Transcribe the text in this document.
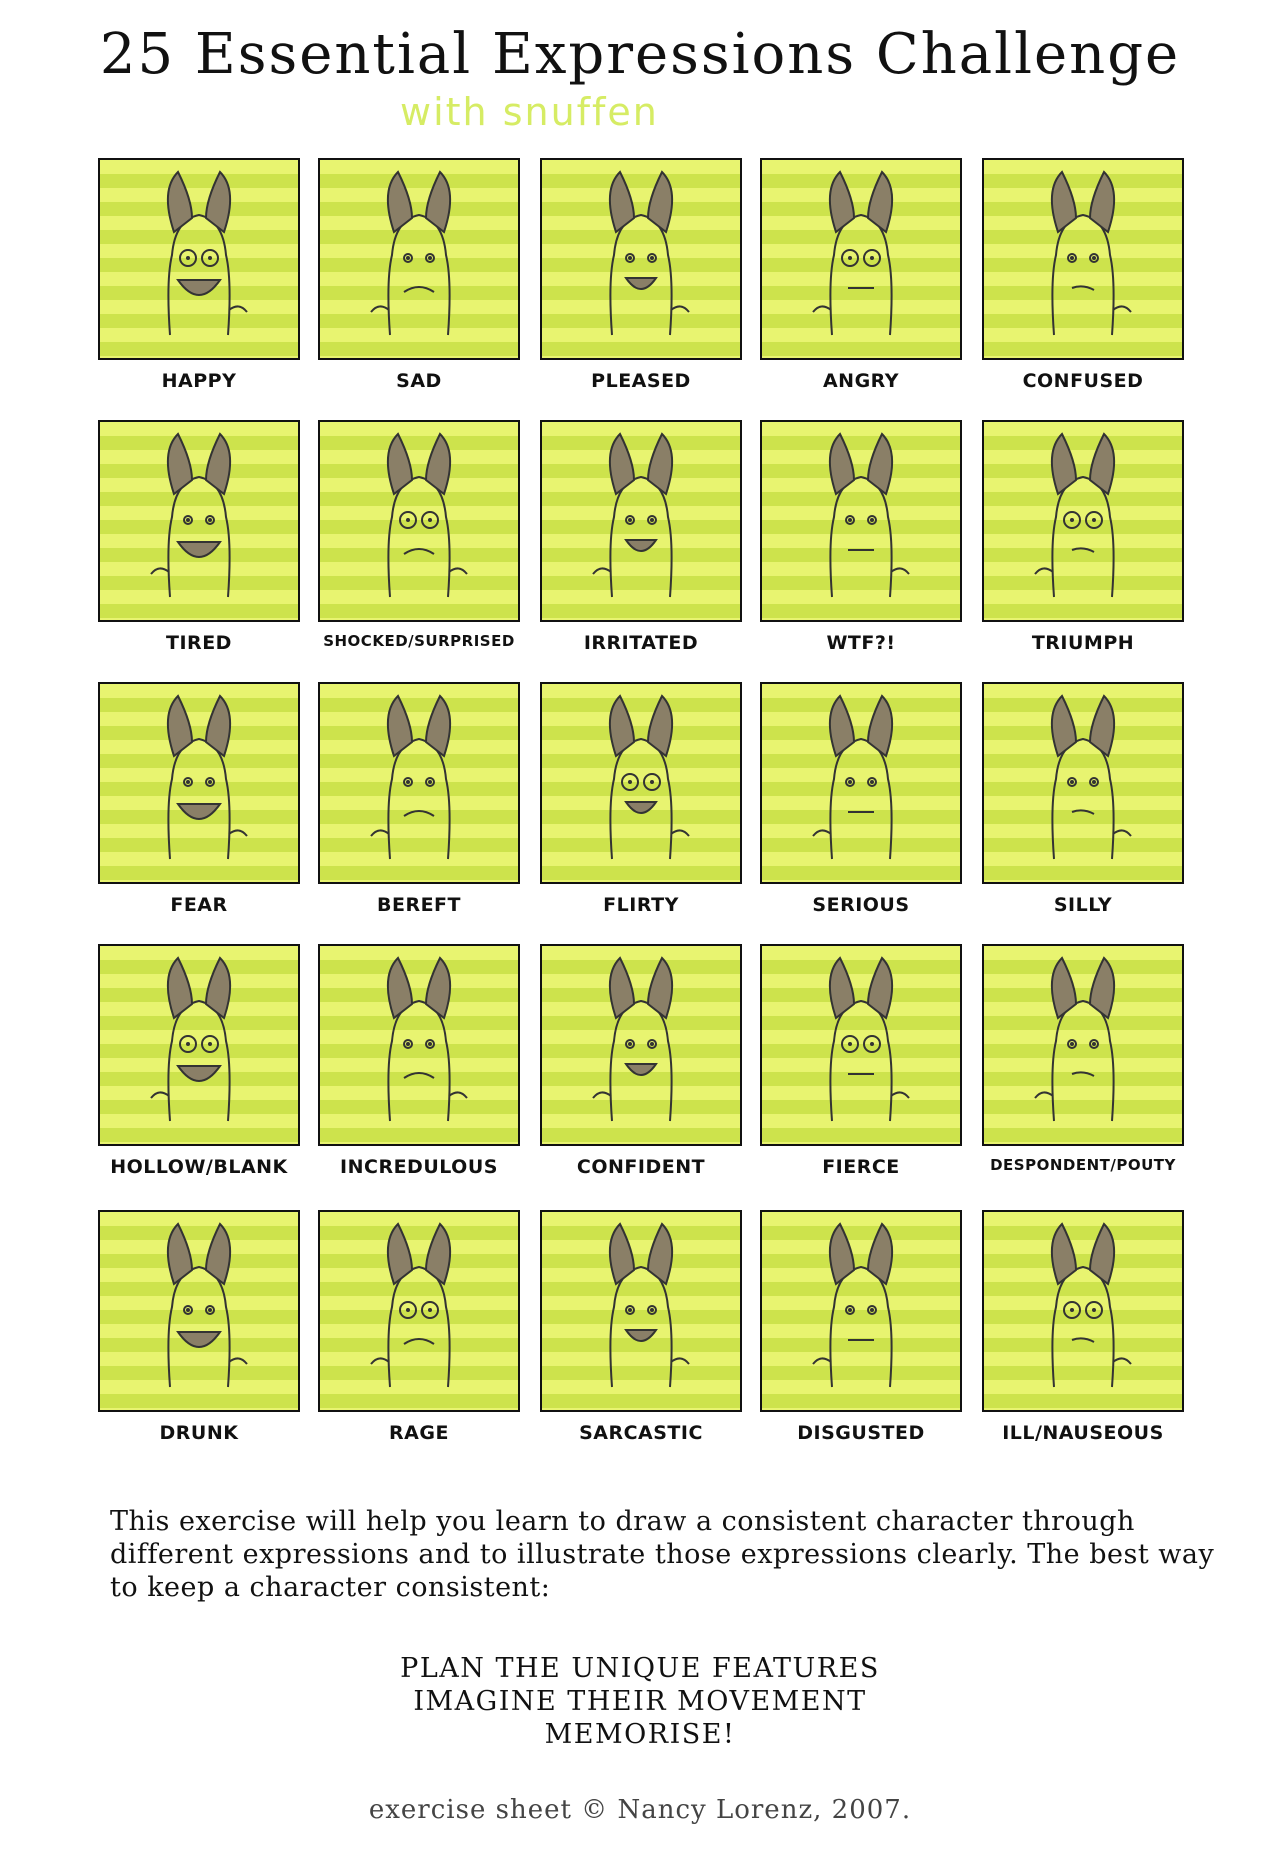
25 Essential Expressions Challenge
with snuffen
HAPPY	SAD	PLEASED	ANGRY	CONFUSED
TIRED	SHOCKED/SURPRISED	IRRITATED	WTF?!	TRIUMPH
FEAR	BEREFT	FLIRTY	SERIOUS	SILLY
HOLLOW/BLANK	INCREDULOUS	CONFIDENT	FIERCE	DESPONDENT/POUTY
DRUNK	RAGE	SARCASTIC	DISGUSTED	ILL/NAUSEOUS

This exercise will help you learn to draw a consistent character through different expressions and to illustrate those expressions clearly. The best way to keep a character consistent:

PLAN THE UNIQUE FEATURES
IMAGINE THEIR MOVEMENT
MEMORISE!
exercise sheet © Nancy Lorenz, 2007.
